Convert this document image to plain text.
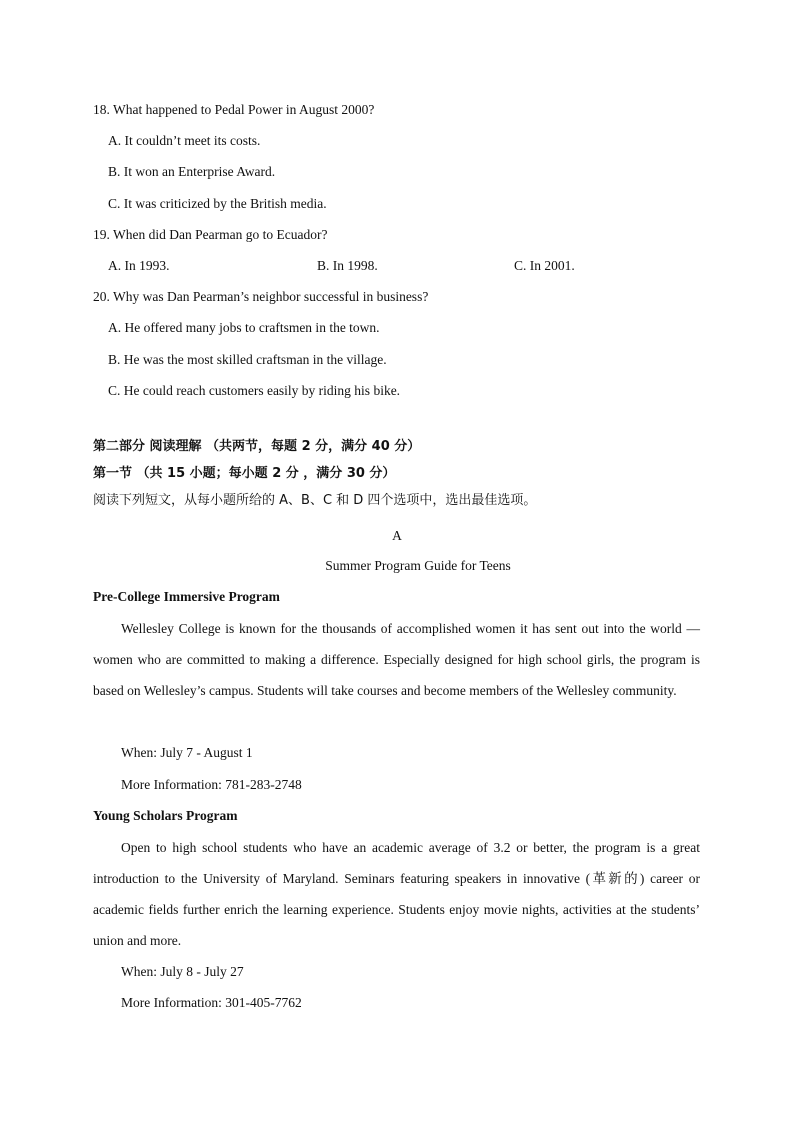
18. What happened to Pedal Power in August 2000?
A. It couldn’t meet its costs.
B. It won an Enterprise Award.
C. It was criticized by the British media.
19. When did Dan Pearman go to Ecuador?
A. In 1993.	B. In 1998.	C. In 2001.
20. Why was Dan Pearman’s neighbor successful in business?
A. He offered many jobs to craftsmen in the town.
B. He was the most skilled craftsman in the village.
C. He could reach customers easily by riding his bike.
第二部分 阅读理解 （共两节，每题 2 分，满分 40 分）
第一节 （共 15 小题；每小题 2 分 ，满分 30 分）
阅读下列短文，从每小题所给的 A、B、C 和 D 四个选项中，选出最佳选项。
A
Summer Program Guide for Teens
Pre-College Immersive Program
Wellesley College is known for the thousands of accomplished women it has sent out into the world — women who are committed to making a difference. Especially designed for high school girls, the program is based on Wellesley’s campus. Students will take courses and become members of the Wellesley community.
When: July 7 - August 1
More Information: 781-283-2748
Young Scholars Program
Open to high school students who have an academic average of 3.2 or better, the program is a great introduction to the University of Maryland. Seminars featuring speakers in innovative (革新的) career or academic fields further enrich the learning experience. Students enjoy movie nights, activities at the students’ union and more.
When: July 8 - July 27
More Information: 301-405-7762
